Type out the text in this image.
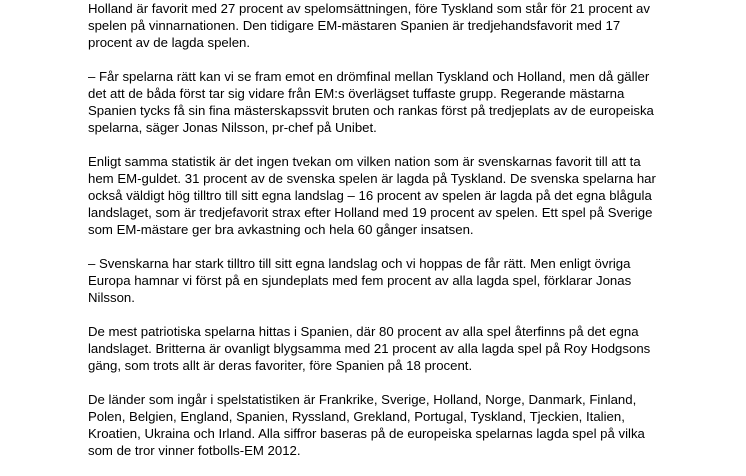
Holland är favorit med 27 procent av spelomsättningen, före Tyskland som står för 21 procent av
spelen på vinnarnationen. Den tidigare EM-mästaren Spanien är tredjehandsfavorit med 17
procent av de lagda spelen.
– Får spelarna rätt kan vi se fram emot en drömfinal mellan Tyskland och Holland, men då gäller
det att de båda först tar sig vidare från EM:s överlägset tuffaste grupp. Regerande mästarna
Spanien tycks få sin fina mästerskapssvit bruten och rankas först på tredjeplats av de europeiska
spelarna, säger Jonas Nilsson, pr-chef på Unibet.
Enligt samma statistik är det ingen tvekan om vilken nation som är svenskarnas favorit till att ta
hem EM-guldet. 31 procent av de svenska spelen är lagda på Tyskland. De svenska spelarna har
också väldigt hög tilltro till sitt egna landslag – 16 procent av spelen är lagda på det egna blågula
landslaget, som är tredjefavorit strax efter Holland med 19 procent av spelen. Ett spel på Sverige
som EM-mästare ger bra avkastning och hela 60 gånger insatsen.
– Svenskarna har stark tilltro till sitt egna landslag och vi hoppas de får rätt. Men enligt övriga
Europa hamnar vi först på en sjundeplats med fem procent av alla lagda spel, förklarar Jonas
Nilsson.
De mest patriotiska spelarna hittas i Spanien, där 80 procent av alla spel återfinns på det egna
landslaget. Britterna är ovanligt blygsamma med 21 procent av alla lagda spel på Roy Hodgsons
gäng, som trots allt är deras favoriter, före Spanien på 18 procent.
De länder som ingår i spelstatistiken är Frankrike, Sverige, Holland, Norge, Danmark, Finland,
Polen, Belgien, England, Spanien, Ryssland, Grekland, Portugal, Tyskland, Tjeckien, Italien,
Kroatien, Ukraina och Irland. Alla siffror baseras på de europeiska spelarnas lagda spel på vilka
som de tror vinner fotbolls-EM 2012.
